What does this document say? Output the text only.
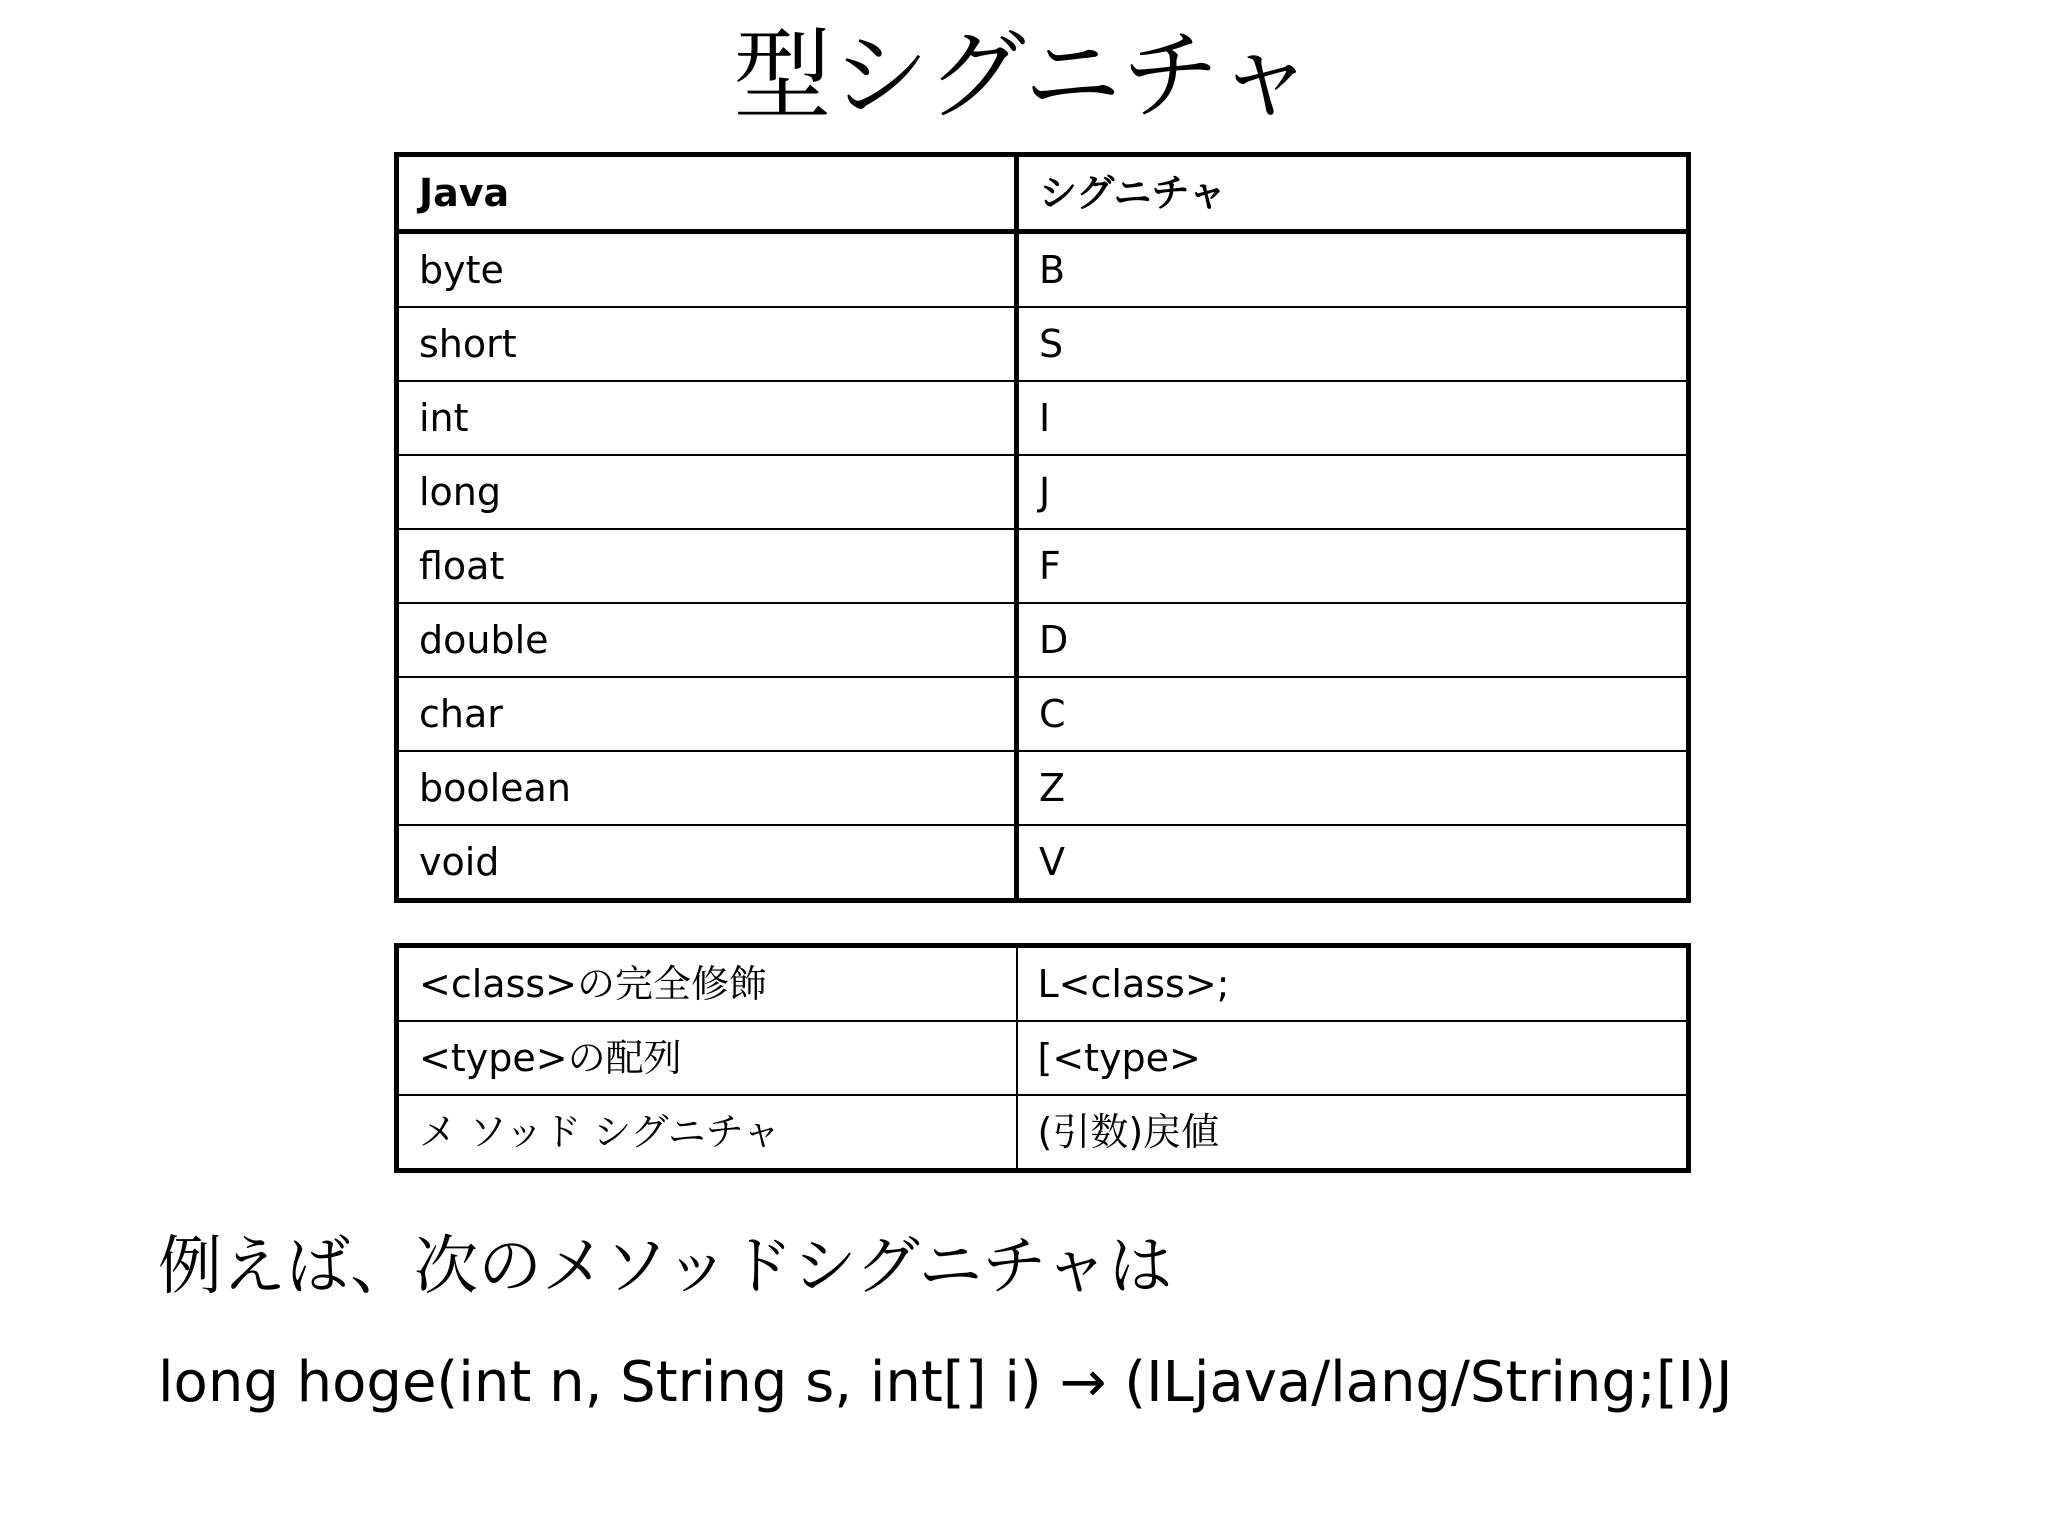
型シグニチャ
Java	シグニチャ
byte	B
short	S
int	I
long	J
float	F
double	D
char	C
boolean	Z
void	V
<class>の完全修飾	L<class>;
<type>の配列	[<type>
メ ソッド シグニチャ	(引数)戻値
例えば、次のメソッドシグニチャは
long hoge(int n, String s, int[] i) → (ILjava/lang/String;[I)J
